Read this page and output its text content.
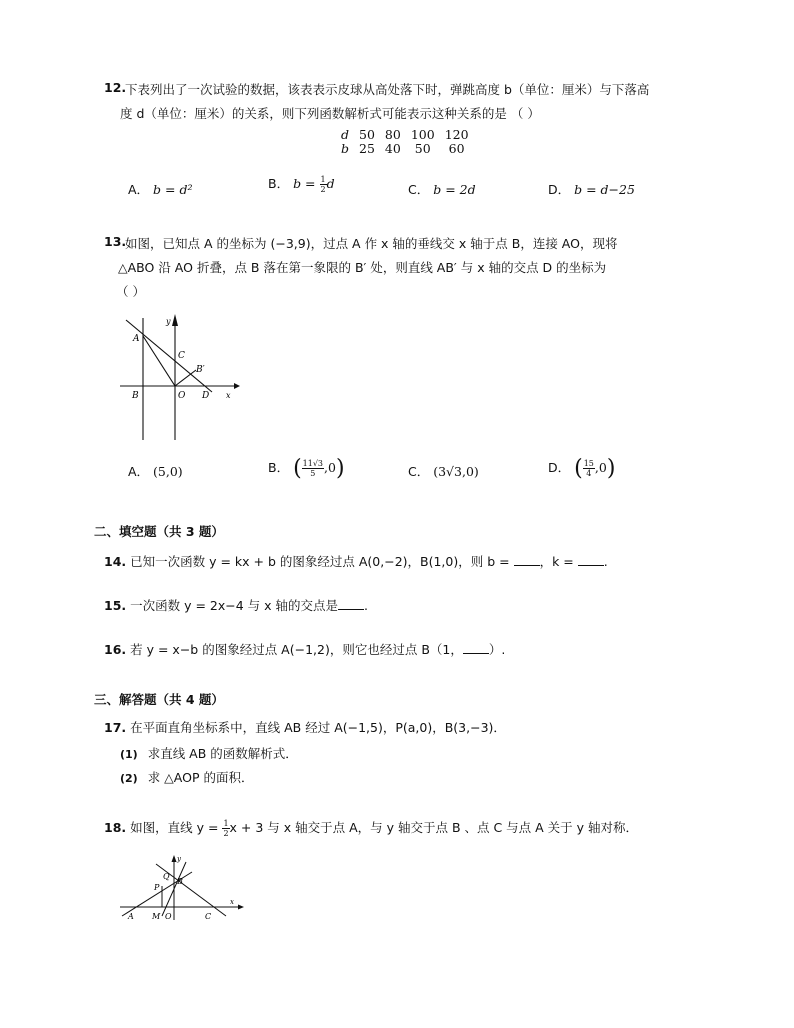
12.
下表列出了一次试验的数据，该表表示皮球从高处落下时，弹跳高度 b（单位：厘米）与下落高
度 d（单位：厘米）的关系，则下列函数解析式可能表示这种关系的是 （ ）
d	50	80	100	120
b	25	40	50	60
A． b = d²	B． $b = \frac{1}{2}$ d	C． b = 2d	D． b = d−25
13.
如图，已知点 A 的坐标为 (−3,9)，过点 A 作 x 轴的垂线交 x 轴于点 B，连接 AO，现将
△ABO 沿 AO 折叠，点 B 落在第一象限的 B′ 处，则直线 AB′ 与 x 轴的交点 D 的坐标为
（ ）
A
B
C
B′
O D x
y
A． (5,0)	B． ( $\frac{11√3}{5} ,0$)	C． (3√3,0)	D． ( $\frac{15}{4} ,0$)
二、填空题（共 3 题）
14. 已知一次函数 y = kx + b 的图象经过点 A(0,−2)，B(1,0)，则 b = ，k = .
15. 一次函数 y = 2x−4 与 x 轴的交点是 .
16. 若 y = x−b 的图象经过点 A(−1,2)，则它也经过点 B（1， ）.
三、解答题（共 4 题）
17. 在平面直角坐标系中，直线 AB 经过 A(−1,5)，P(a,0)，B(3,−3)．
(1) 求直线 AB 的函数解析式．
(2) 求 △AOP 的面积．
18. 如图，直线 $y = \frac{1}{2}$ x + 3 与 x 轴交于点 A，与 y 轴交于点 B 、点 C 与点 A 关于 y 轴对称．
A M O	C
B
Q
P
x
y
